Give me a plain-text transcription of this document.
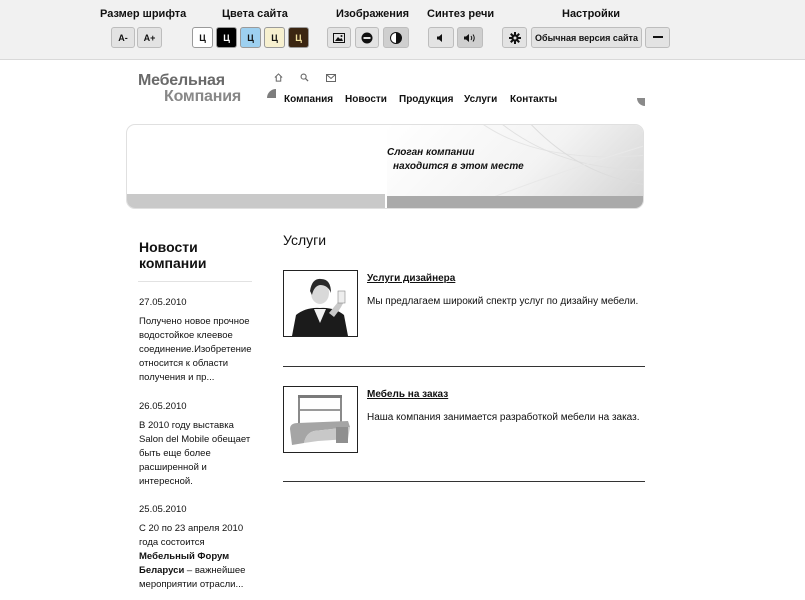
Размер шрифта
A-	A+
Цвета сайта
Ц	Ц	Ц	Ц	Ц
Изображения Синтез речи	Настройки
Обычная версия сайта
Мебельная
Компания	Компания Новости Продукция Услуги Контакты
Слоган компании
находится в этом месте
Новости компании
27.05.2010
Получено новое прочное водостойкое клеевое соединение.Изобретение относится к области получения и пр...
26.05.2010
В 2010 году выставка Salon del Mobile обещает быть еще более расширенной и интересной.
25.05.2010
С 20 по 23 апреля 2010 года состоится Мебельный Форум Беларуси – важнейшее мероприятии отрасли...
Услуги
Услуги дизайнера
Мы предлагаем широкий спектр услуг по дизайну мебели.
Мебель на заказ
Наша компания занимается разработкой мебели на заказ.
